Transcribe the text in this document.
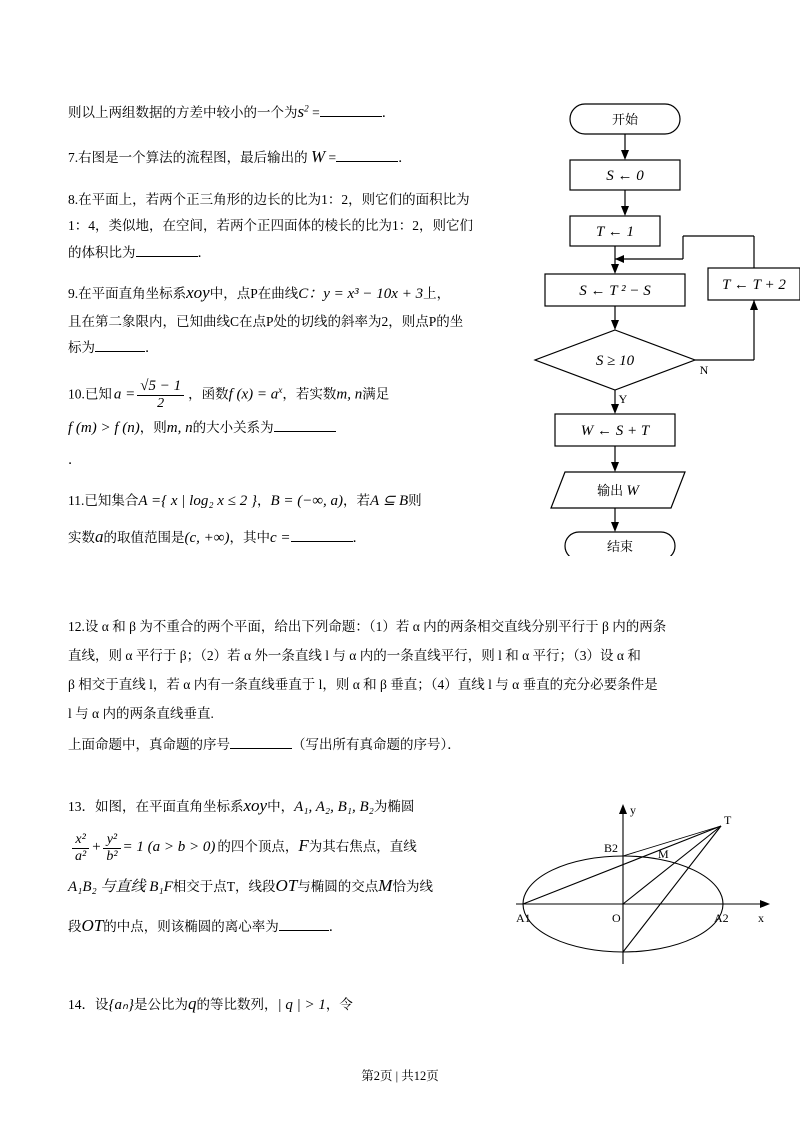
则以上两组数据的方差中较小的一个为$s^2$ =	．
7.右图是一个算法的流程图，最后输出的 W =	．
8.在平面上，若两个正三角形的边长的比为1：2，则它们的面积比为
1：4，类似地，在空间，若两个正四面体的棱长的比为1：2，则它们
的体积比为	．
9.在平面直角坐标系xoy中，点P在曲线C：y = x³ − 10x + 3上，
且在第二象限内，已知曲线C在点P处的切线的斜率为2，则点P的坐
标为	．
10.已知 $a = \frac{√5 - 1}{2}$ ，函数f $(x) = a^x$，若实数m, n满足
f (m) > f (n)，则m, n的大小关系为
．
11.已知集合A ={ x | log₂ x ≤ 2 }，B = (−∞, a)，若A ⊆ B则
实数a的取值范围是(c, +∞)，其中c =	．
开始
S ← 0
T ← 1
S ← T ² − S	T ← T + 2
S ≥ 10
W ← S + T
输出 W
结束
N
Y
12.设 α 和 β 为不重合的两个平面，给出下列命题：（1）若 α 内的两条相交直线分别平行于 β 内的两条
直线，则 α 平行于 β；（2）若 α 外一条直线 l 与 α 内的一条直线平行，则 l 和 α 平行；（3）设 α 和
β 相交于直线 l，若 α 内有一条直线垂直于 l，则 α 和 β 垂直；（4）直线 l 与 α 垂直的充分必要条件是
l 与 α 内的两条直线垂直.
上面命题中，真命题的序号	（写出所有真命题的序号）．
13．如图，在平面直角坐标系xoy中，A₁, A₂, B₁, B₂为椭圆

$\frac{\text{x²}}{\text{a²}} + \frac{\text{y²}}{\text{b²}} = 1$ (a > b > 0) 的四个顶点，F为其右焦点，直线
A₁B₂ 与直线 B₁F相交于点T，线段OT与椭圆的交点M恰为线
段OT的中点，则该椭圆的离心率为	．
x
y
A1	A2
B2	M
T
O
14．设{aₙ}是公比为q的等比数列，| q | > 1，令
第2页 | 共12页
